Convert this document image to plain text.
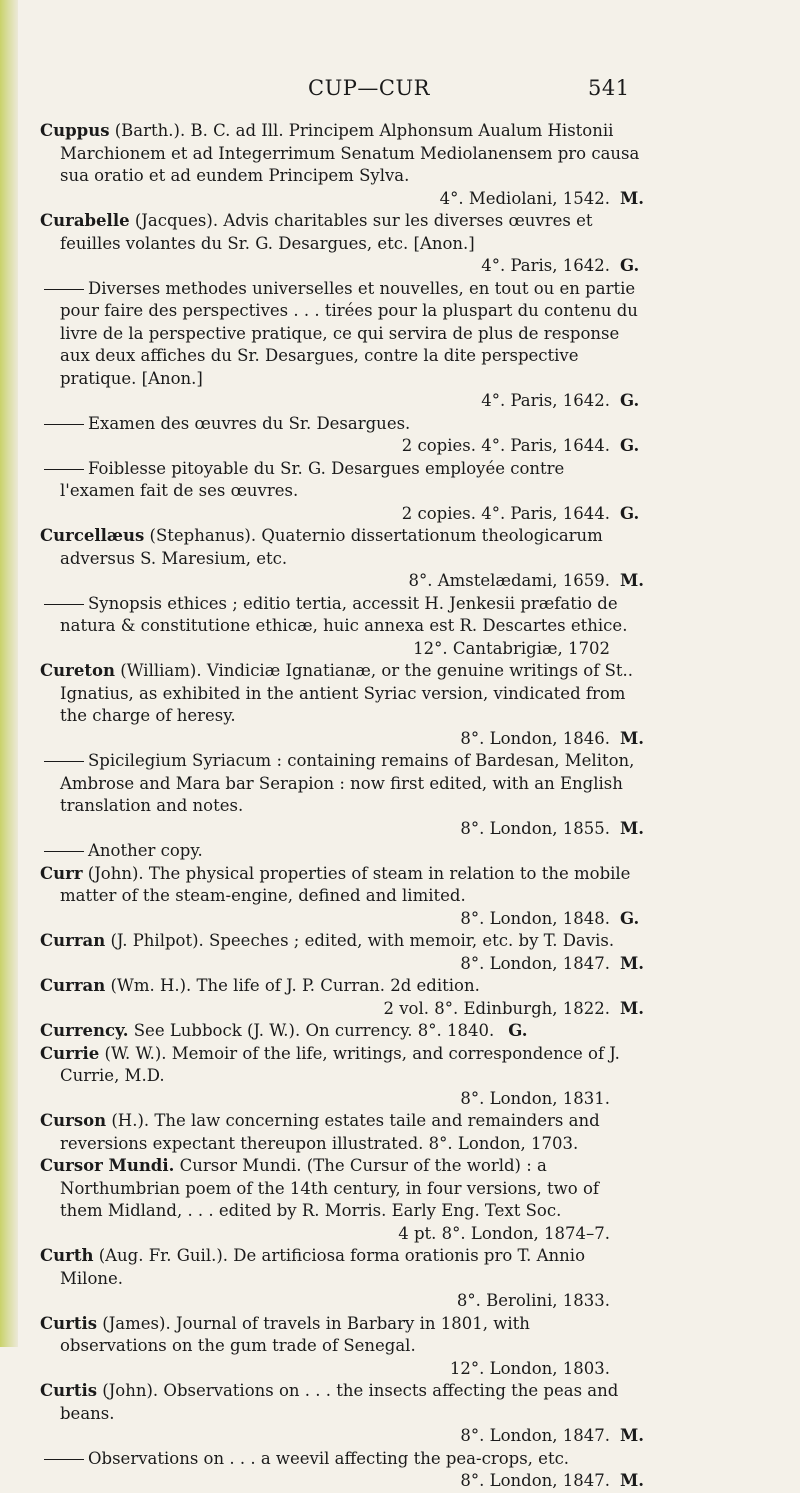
CUP—CUR	541
Cuppus (Barth.). B. C. ad Ill. Principem Alphonsum Aualum Histonii Marchionem et ad Integerrimum Senatum Mediolanensem pro causa sua oratio et ad eundem Principem Sylva.
4°. Mediolani, 1542. M.
Curabelle (Jacques). Advis charitables sur les diverses œuvres et feuilles volantes du Sr. G. Desargues, etc. [Anon.]
4°. Paris, 1642. G.
Diverses methodes universelles et nouvelles, en tout ou en partie pour faire des perspectives . . . tirées pour la pluspart du contenu du livre de la perspective pratique, ce qui servira de plus de response aux deux affiches du Sr. Desargues, contre la dite perspective pratique. [Anon.]
4°. Paris, 1642. G.
Examen des œuvres du Sr. Desargues.
2 copies. 4°. Paris, 1644. G.
Foiblesse pitoyable du Sr. G. Desargues employée contre l'examen fait de ses œuvres.
2 copies. 4°. Paris, 1644. G.
Curcellæus (Stephanus). Quaternio dissertationum theologicarum adversus S. Maresium, etc.
8°. Amstelædami, 1659. M.
Synopsis ethices ; editio tertia, accessit H. Jenkesii præfatio de natura & constitutione ethicæ, huic annexa est R. Descartes ethice.
12°. Cantabrigiæ, 1702
Cureton (William). Vindiciæ Ignatianæ, or the genuine writings of St.. Ignatius, as exhibited in the antient Syriac version, vindicated from the charge of heresy.
8°. London, 1846. M.
Spicilegium Syriacum : containing remains of Bardesan, Meliton, Ambrose and Mara bar Serapion : now first edited, with an English translation and notes.
8°. London, 1855. M.
Another copy.
Curr (John). The physical properties of steam in relation to the mobile matter of the steam-engine, defined and limited.
8°. London, 1848. G.
Curran (J. Philpot). Speeches ; edited, with memoir, etc. by T. Davis.
8°. London, 1847. M.
Curran (Wm. H.). The life of J. P. Curran. 2d edition.
2 vol. 8°. Edinburgh, 1822. M.
Currency. See Lubbock (J. W.). On currency. 8°. 1840. G.
Currie (W. W.). Memoir of the life, writings, and correspondence of J. Currie, M.D.
8°. London, 1831.
Curson (H.). The law concerning estates taile and remainders and reversions expectant thereupon illustrated. 8°. London, 1703.
Cursor Mundi. Cursor Mundi. (The Cursur of the world) : a Northumbrian poem of the 14th century, in four versions, two of them Midland, . . . edited by R. Morris. Early Eng. Text Soc.
4 pt. 8°. London, 1874–7.
Curth (Aug. Fr. Guil.). De artificiosa forma orationis pro T. Annio Milone.
8°. Berolini, 1833.
Curtis (James). Journal of travels in Barbary in 1801, with observations on the gum trade of Senegal.
12°. London, 1803.
Curtis (John). Observations on . . . the insects affecting the peas and beans.
8°. London, 1847. M.
Observations on . . . a weevil affecting the pea-crops, etc.
8°. London, 1847. M.
